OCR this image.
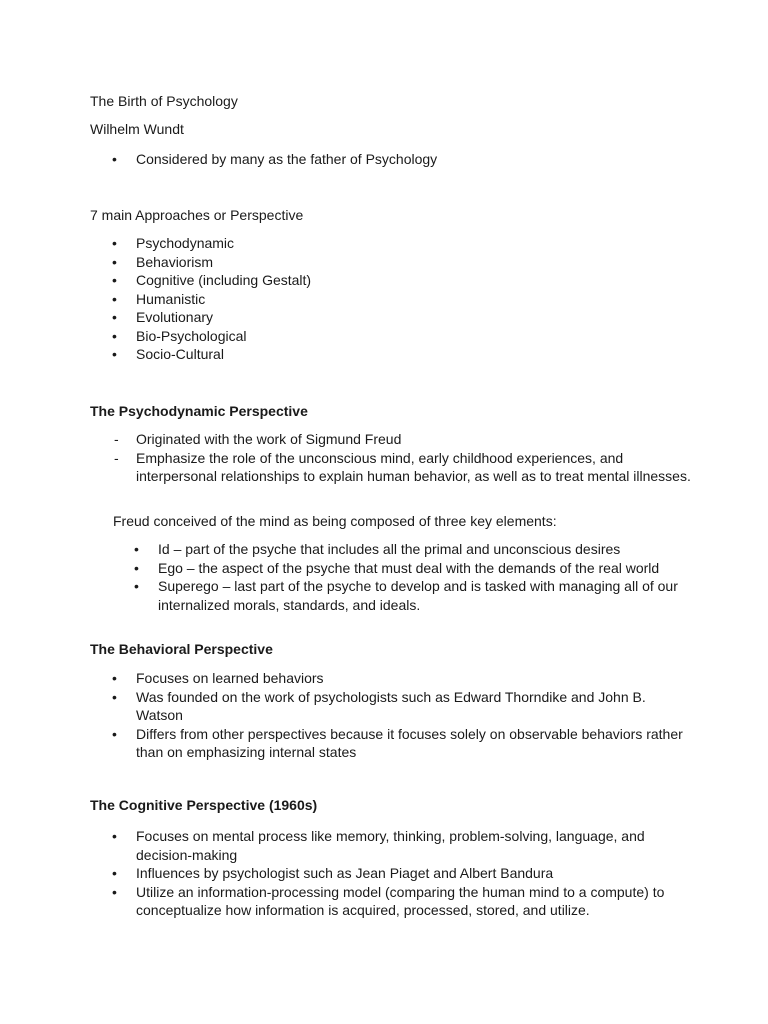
The Birth of Psychology
Wilhelm Wundt
• Considered by many as the father of Psychology
7 main Approaches or Perspective
• Psychodynamic
• Behaviorism
• Cognitive (including Gestalt)
• Humanistic
• Evolutionary
• Bio-Psychological
• Socio-Cultural
The Psychodynamic Perspective
- Originated with the work of Sigmund Freud
- Emphasize the role of the unconscious mind, early childhood experiences, and interpersonal relationships to explain human behavior, as well as to treat mental illnesses.
Freud conceived of the mind as being composed of three key elements:
• Id – part of the psyche that includes all the primal and unconscious desires
• Ego – the aspect of the psyche that must deal with the demands of the real world
• Superego – last part of the psyche to develop and is tasked with managing all of our internalized morals, standards, and ideals.
The Behavioral Perspective
• Focuses on learned behaviors
• Was founded on the work of psychologists such as Edward Thorndike and John B. Watson
• Differs from other perspectives because it focuses solely on observable behaviors rather than on emphasizing internal states
The Cognitive Perspective (1960s)
• Focuses on mental process like memory, thinking, problem-solving, language, and decision-making
• Influences by psychologist such as Jean Piaget and Albert Bandura
• Utilize an information-processing model (comparing the human mind to a compute) to conceptualize how information is acquired, processed, stored, and utilize.
